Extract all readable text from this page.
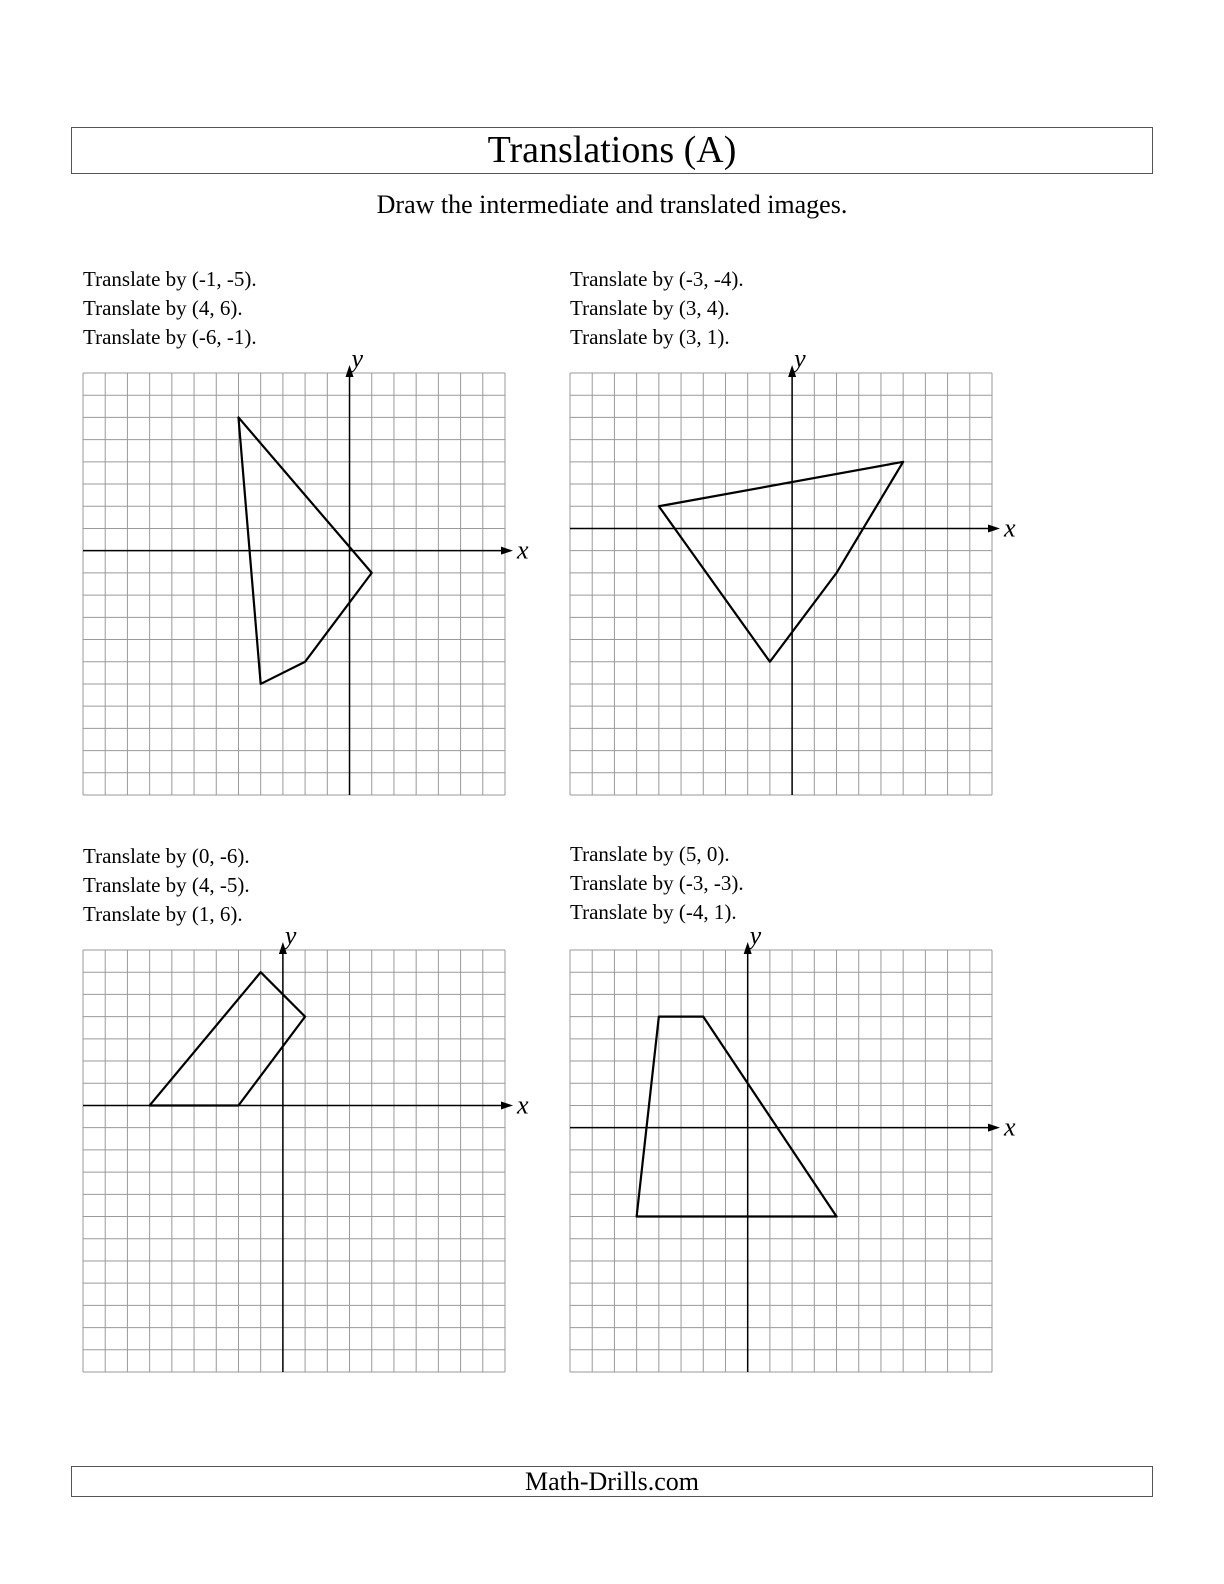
Translations (A)
Draw the intermediate and translated images.
Translate by (-1, -5).
Translate by (4, 6).
Translate by (-6, -1).
x
y
Translate by (-3, -4).
Translate by (3, 4).
Translate by (3, 1).
x
y
Translate by (0, -6).
Translate by (4, -5).
Translate by (1, 6).
x
y
Translate by (5, 0).
Translate by (-3, -3).
Translate by (-4, 1).
x
y
Math-Drills.com
